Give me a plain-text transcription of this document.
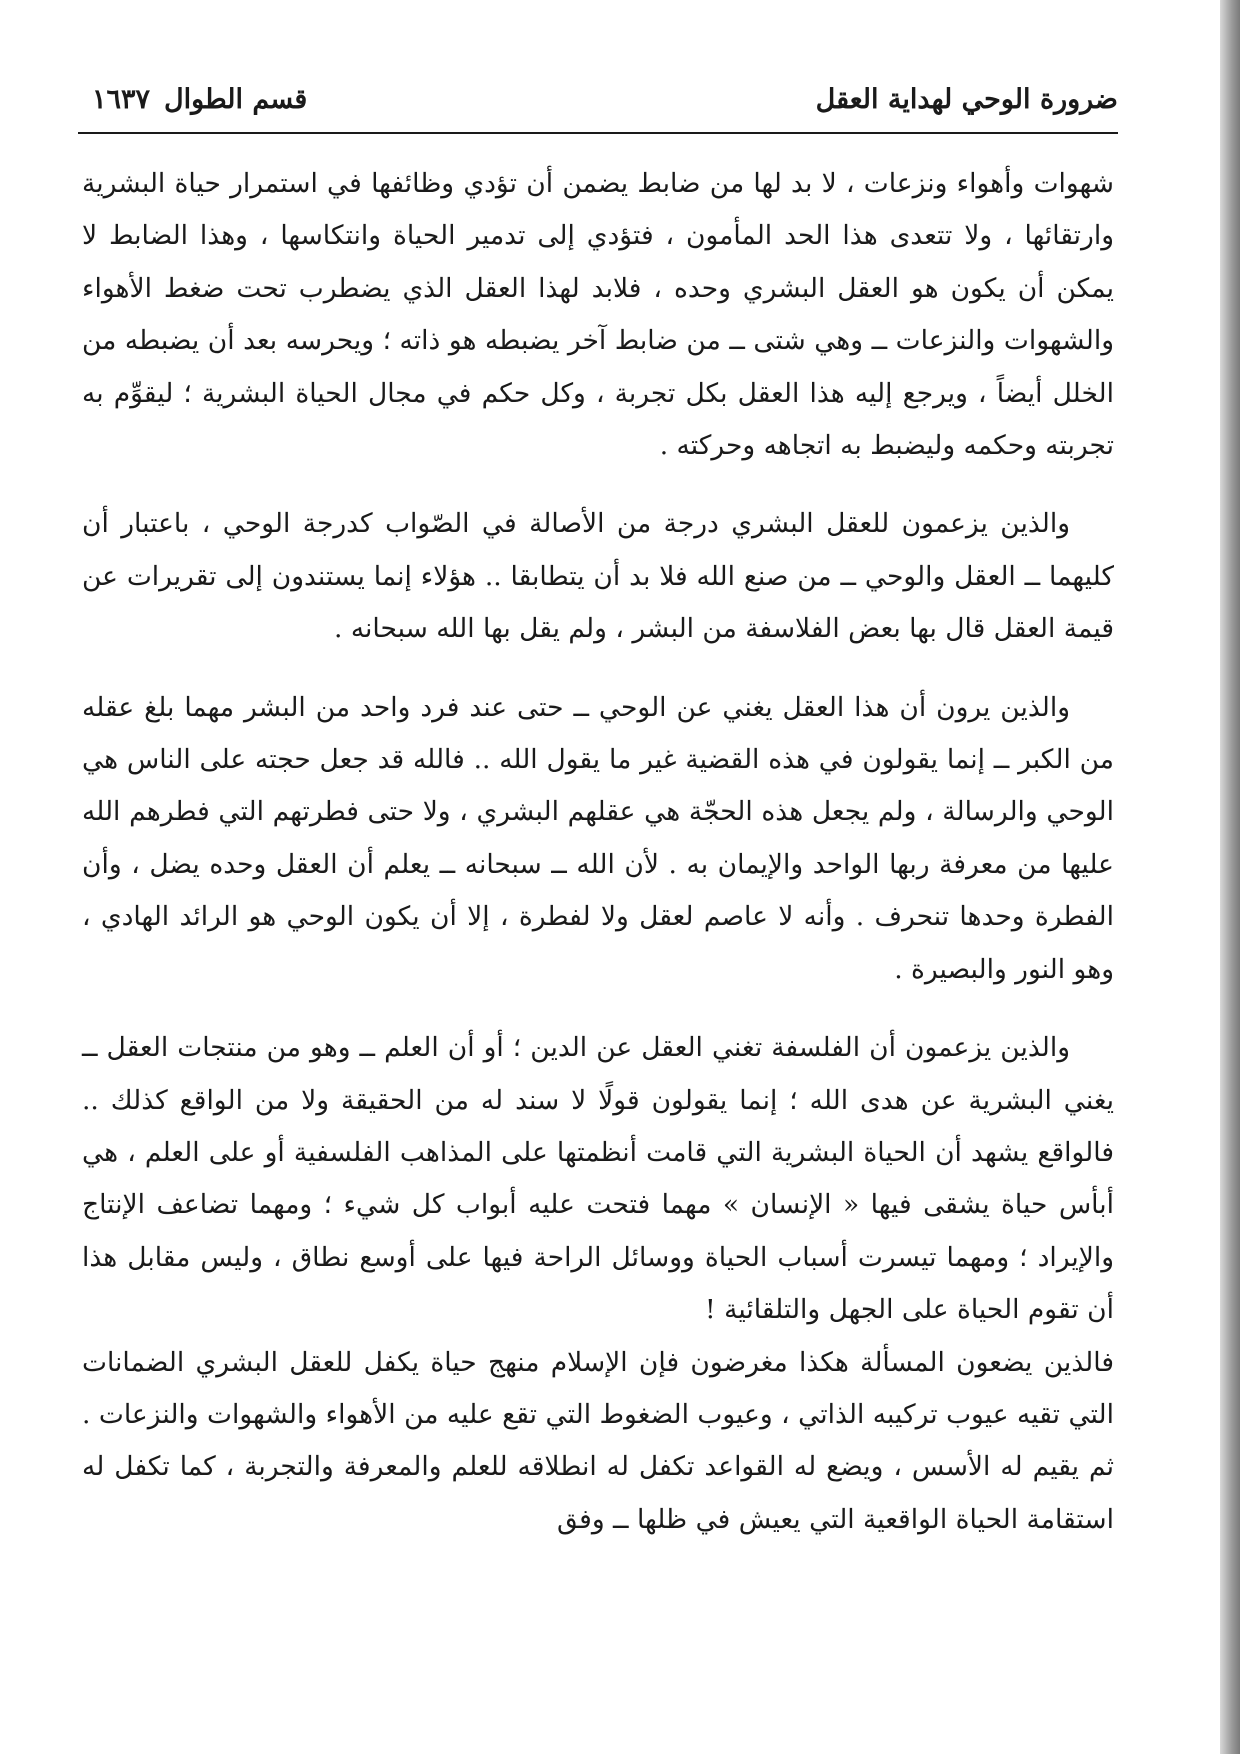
ضرورة الوحي لهداية العقل
قسم الطوال١٦٣٧

شهوات وأهواء ونزعات ، لا بد لها من ضابط يضمن أن تؤدي وظائفها في استمرار حياة البشرية وارتقائها ، ولا تتعدى هذا الحد المأمون ، فتؤدي إلى تدمير الحياة وانتكاسها ، وهذا الضابط لا يمكن أن يكون هو العقل البشري وحده ، فلابد لهذا العقل الذي يضطرب تحت ضغط الأهواء والشهوات والنزعات ــ وهي شتى ــ من ضابط آخر يضبطه هو ذاته ؛ ويحرسه بعد أن يضبطه من الخلل أيضاً ، ويرجع إليه هذا العقل بكل تجربة ، وكل حكم في مجال الحياة البشرية ؛ ليقوِّم به تجربته وحكمه وليضبط به اتجاهه وحركته .

والذين يزعمون للعقل البشري درجة من الأصالة في الصّواب كدرجة الوحي ، باعتبار أن كليهما ــ العقل والوحي ــ من صنع الله فلا بد أن يتطابقا .. هؤلاء إنما يستندون إلى تقريرات عن قيمة العقل قال بها بعض الفلاسفة من البشر ، ولم يقل بها الله سبحانه .

والذين يرون أن هذا العقل يغني عن الوحي ــ حتى عند فرد واحد من البشر مهما بلغ عقله من الكبر ــ إنما يقولون في هذه القضية غير ما يقول الله .. فالله قد جعل حجته على الناس هي الوحي والرسالة ، ولم يجعل هذه الحجّة هي عقلهم البشري ، ولا حتى فطرتهم التي فطرهم الله عليها من معرفة ربها الواحد والإيمان به . لأن الله ــ سبحانه ــ يعلم أن العقل وحده يضل ، وأن الفطرة وحدها تنحرف . وأنه لا عاصم لعقل ولا لفطرة ، إلا أن يكون الوحي هو الرائد الهادي ، وهو النور والبصيرة .

والذين يزعمون أن الفلسفة تغني العقل عن الدين ؛ أو أن العلم ــ وهو من منتجات العقل ــ يغني البشرية عن هدى الله ؛ إنما يقولون قولًا لا سند له من الحقيقة ولا من الواقع كذلك .. فالواقع يشهد أن الحياة البشرية التي قامت أنظمتها على المذاهب الفلسفية أو على العلم ، هي أبأس حياة يشقى فيها « الإنسان » مهما فتحت عليه أبواب كل شيء ؛ ومهما تضاعف الإنتاج والإيراد ؛ ومهما تيسرت أسباب الحياة ووسائل الراحة فيها على أوسع نطاق ، وليس مقابل هذا أن تقوم الحياة على الجهل والتلقائية !

فالذين يضعون المسألة هكذا مغرضون فإن الإسلام منهج حياة يكفل للعقل البشري الضمانات التي تقيه عيوب تركيبه الذاتي ، وعيوب الضغوط التي تقع عليه من الأهواء والشهوات والنزعات . ثم يقيم له الأسس ، ويضع له القواعد تكفل له انطلاقه للعلم والمعرفة والتجربة ، كما تكفل له استقامة الحياة الواقعية التي يعيش في ظلها ــ وفق
